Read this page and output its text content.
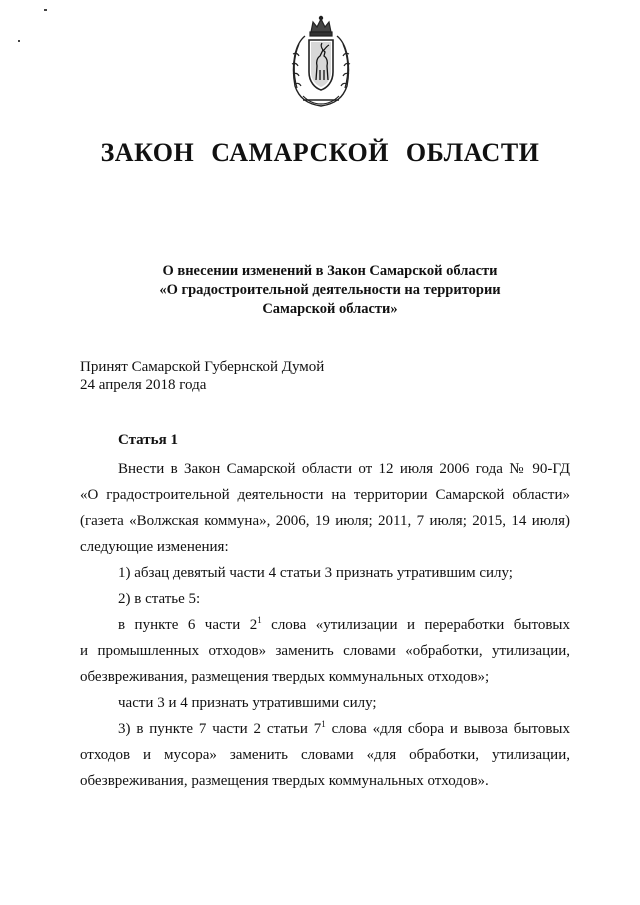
ЗАКОН САМАРСКОЙ ОБЛАСТИ
О внесении изменений в Закон Самарской области
«О градостроительной деятельности на территории
Самарской области»
Принят Самарской Губернской Думой
24 апреля 2018 года
Статья 1

Внести в Закон Самарской области от 12 июля 2006 года № 90-ГД

«О градостроительной деятельности на территории Самарской области»

(газета «Волжская коммуна», 2006, 19 июля; 2011, 7 июля; 2015, 14 июля)

следующие изменения:

1) абзац девятый части 4 статьи 3 признать утратившим силу;

2) в статье 5:

в пункте 6 части $2^1$ слова «утилизации и переработки бытовых

и промышленных отходов» заменить словами «обработки, утилизации,

обезвреживания, размещения твердых коммунальных отходов»;

части 3 и 4 признать утратившими силу;

3) в пункте 7 части 2 статьи $7^1$ слова «для сбора и вывоза бытовых

отходов и мусора» заменить словами «для обработки, утилизации,

обезвреживания, размещения твердых коммунальных отходов».
